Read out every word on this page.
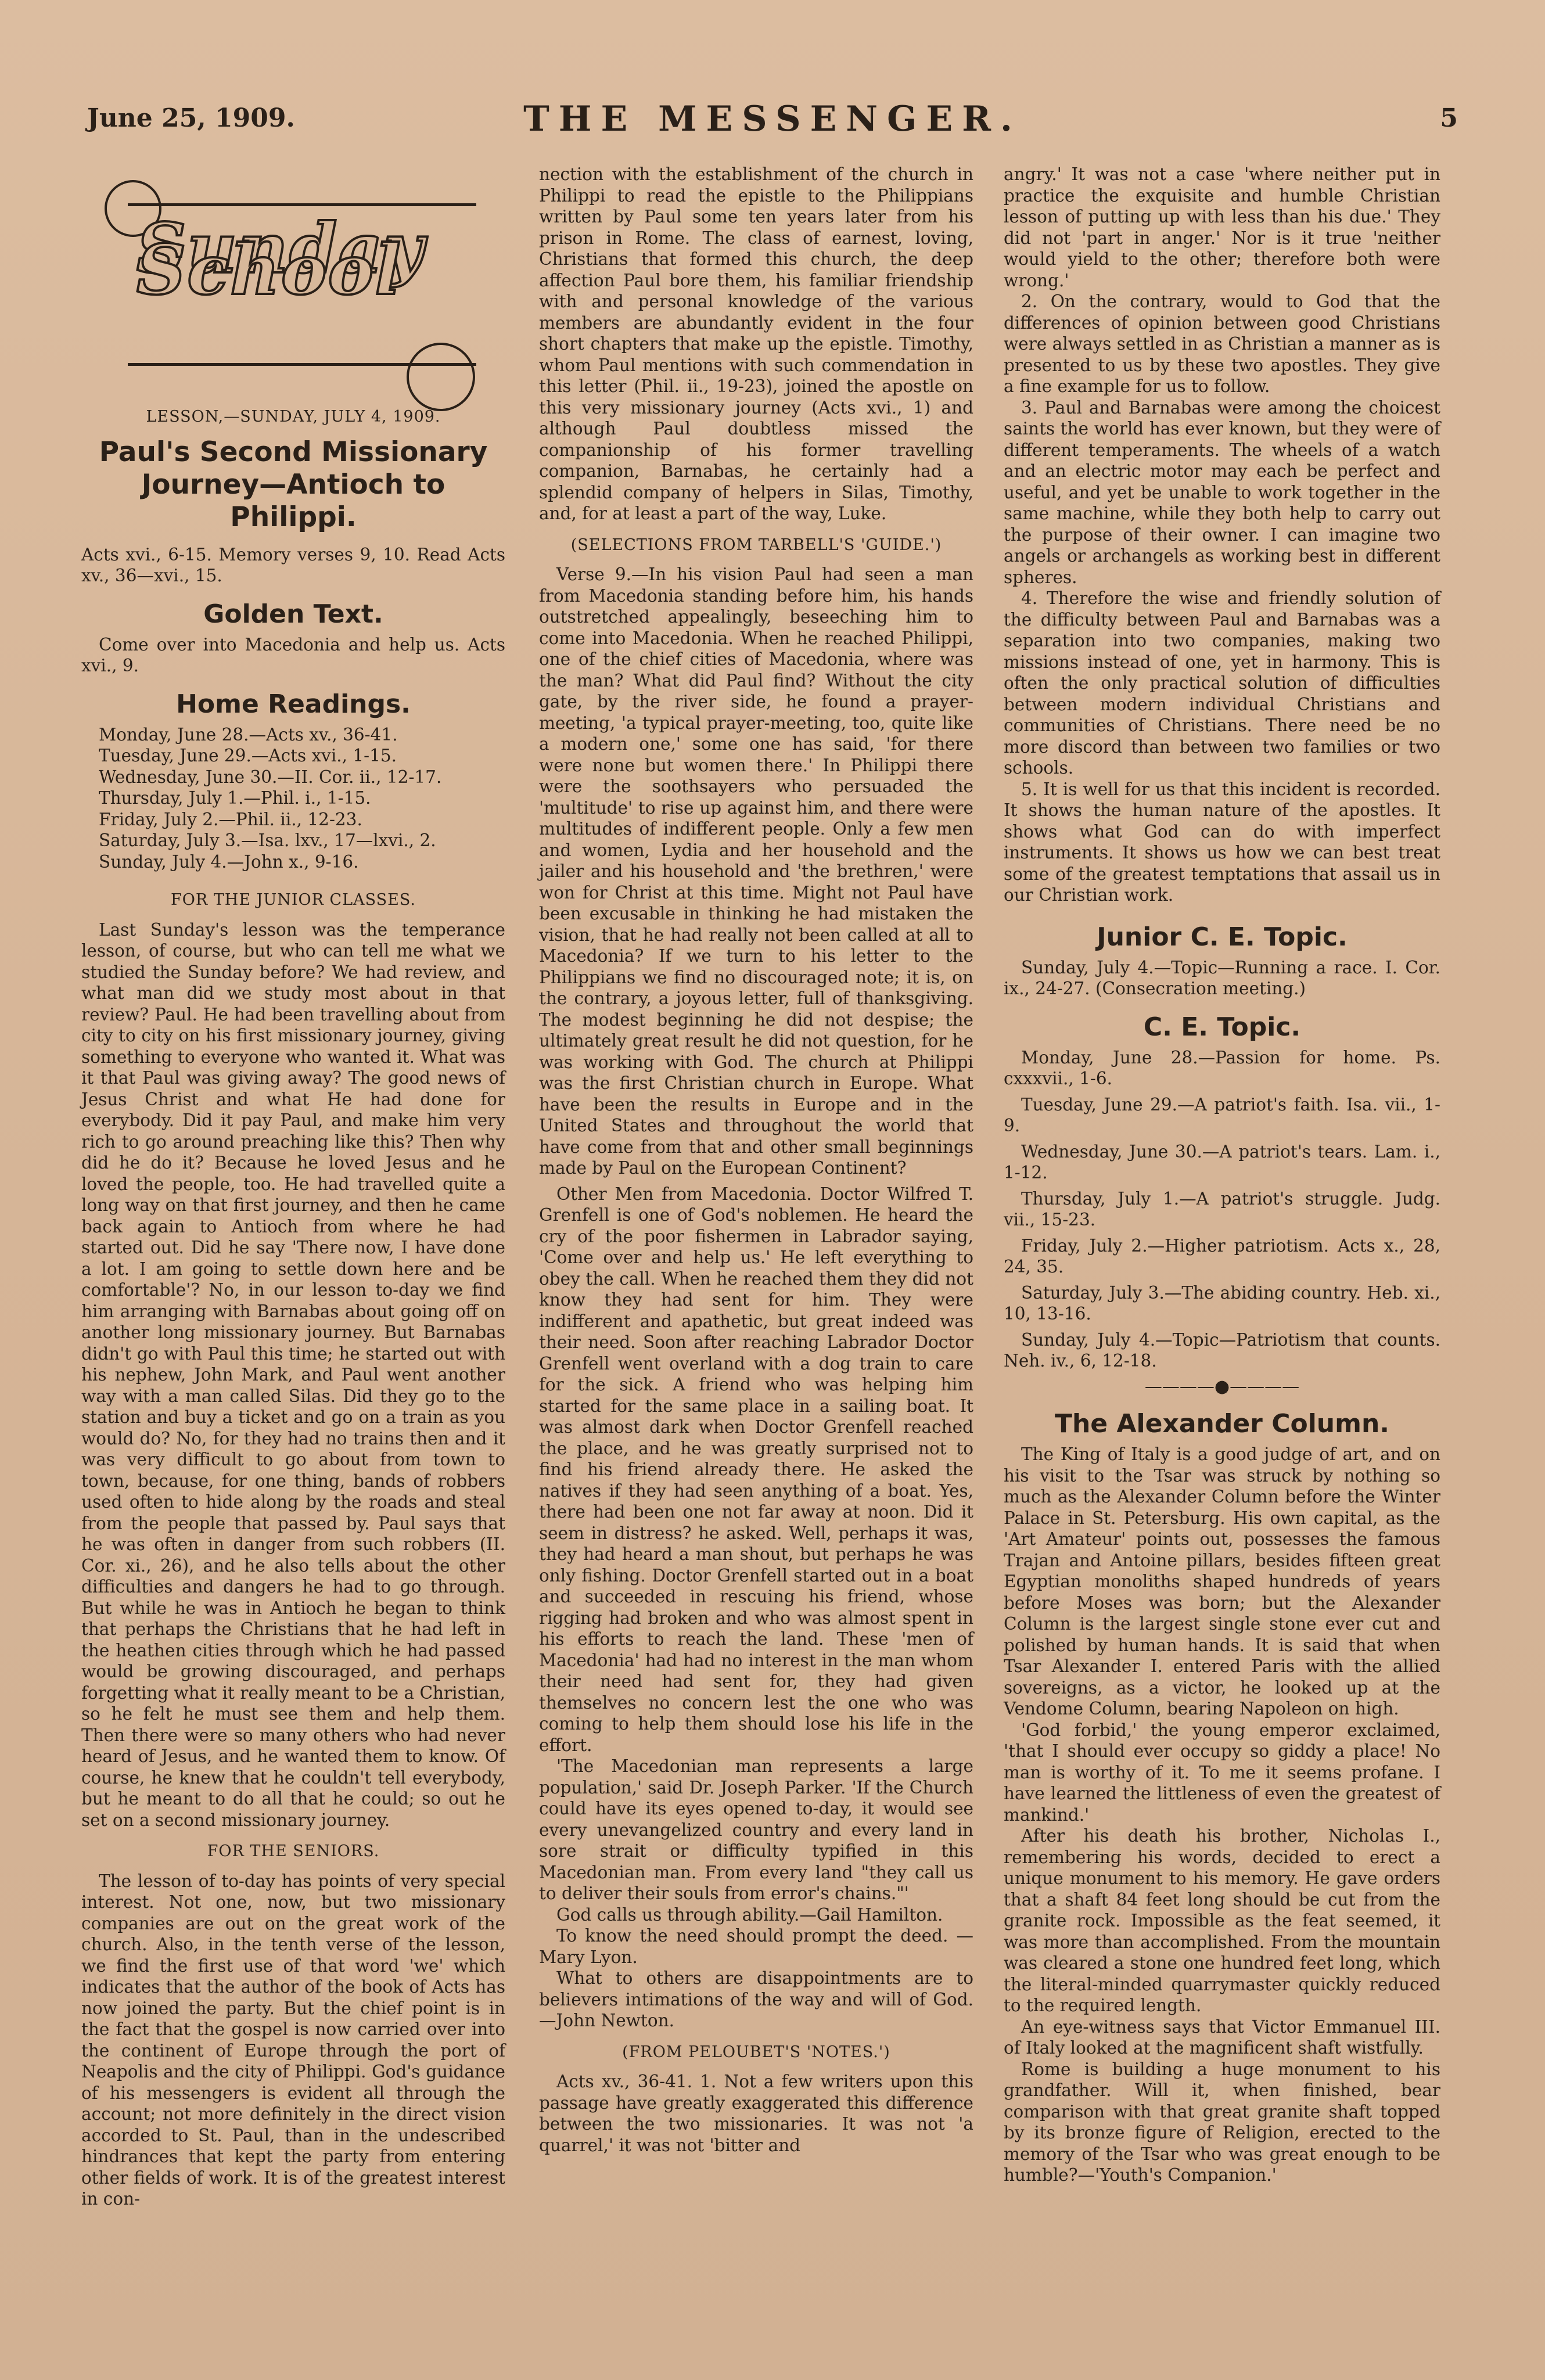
June 25, 1909.	THE MESSENGER.	5
Sunday School

LESSON,—SUNDAY, JULY 4, 1909.

Paul's Second Missionary Journey—Antioch to Philippi.

Acts xvi., 6-15. Memory verses 9, 10. Read Acts xv., 36—xvi., 15.

Golden Text.

Come over into Macedonia and help us. Acts xvi., 9.

Home Readings.
Monday, June 28.—Acts xv., 36-41.
Tuesday, June 29.—Acts xvi., 1-15.
Wednesday, June 30.—II. Cor. ii., 12-17.
Thursday, July 1.—Phil. i., 1-15.
Friday, July 2.—Phil. ii., 12-23.
Saturday, July 3.—Isa. lxv., 17—lxvi., 2.
Sunday, July 4.—John x., 9-16.

FOR THE JUNIOR CLASSES.

Last Sunday's lesson was the temperance lesson, of course, but who can tell me what we studied the Sunday before? We had review, and what man did we study most about in that review? Paul. He had been travelling about from city to city on his first missionary journey, giving something to everyone who wanted it. What was it that Paul was giving away? The good news of Jesus Christ and what He had done for everybody. Did it pay Paul, and make him very rich to go around preaching like this? Then why did he do it? Because he loved Jesus and he loved the people, too. He had travelled quite a long way on that first journey, and then he came back again to Antioch from where he had started out. Did he say 'There now, I have done a lot. I am going to settle down here and be comfortable'? No, in our lesson to-day we find him arranging with Barnabas about going off on another long missionary journey. But Barnabas didn't go with Paul this time; he started out with his nephew, John Mark, and Paul went another way with a man called Silas. Did they go to the station and buy a ticket and go on a train as you would do? No, for they had no trains then and it was very difficult to go about from town to town, because, for one thing, bands of robbers used often to hide along by the roads and steal from the people that passed by. Paul says that he was often in danger from such robbers (II. Cor. xi., 26), and he also tells about the other difficulties and dangers he had to go through. But while he was in Antioch he began to think that perhaps the Christians that he had left in the heathen cities through which he had passed would be growing discouraged, and perhaps forgetting what it really meant to be a Christian, so he felt he must see them and help them. Then there were so many others who had never heard of Jesus, and he wanted them to know. Of course, he knew that he couldn't tell everybody, but he meant to do all that he could; so out he set on a second missionary journey.

FOR THE SENIORS.

The lesson of to-day has points of very special interest. Not one, now, but two missionary companies are out on the great work of the church. Also, in the tenth verse of the lesson, we find the first use of that word 'we' which indicates that the author of the book of Acts has now joined the party. But the chief point is in the fact that the gospel is now carried over into the continent of Europe through the port of Neapolis and the city of Philippi. God's guidance of his messengers is evident all through the account; not more definitely in the direct vision accorded to St. Paul, than in the undescribed hindrances that kept the party from entering other fields of work. It is of the greatest interest in con-

nection with the establishment of the church in Philippi to read the epistle to the Philippians written by Paul some ten years later from his prison in Rome. The class of earnest, loving, Christians that formed this church, the deep affection Paul bore them, his familiar friendship with and personal knowledge of the various members are abundantly evident in the four short chapters that make up the epistle. Timothy, whom Paul mentions with such commendation in this letter (Phil. ii., 19-23), joined the apostle on this very missionary journey (Acts xvi., 1) and although Paul doubtless missed the companionship of his former travelling companion, Barnabas, he certainly had a splendid company of helpers in Silas, Timothy, and, for at least a part of the way, Luke.

(SELECTIONS FROM TARBELL'S 'GUIDE.')

Verse 9.—In his vision Paul had seen a man from Macedonia standing before him, his hands outstretched appealingly, beseeching him to come into Macedonia. When he reached Philippi, one of the chief cities of Macedonia, where was the man? What did Paul find? Without the city gate, by the river side, he found a prayer-meeting, 'a typical prayer-meeting, too, quite like a modern one,' some one has said, 'for there were none but women there.' In Philippi there were the soothsayers who persuaded the 'multitude' to rise up against him, and there were multitudes of indifferent people. Only a few men and women, Lydia and her household and the jailer and his household and 'the brethren,' were won for Christ at this time. Might not Paul have been excusable in thinking he had mistaken the vision, that he had really not been called at all to Macedonia? If we turn to his letter to the Philippians we find no discouraged note; it is, on the contrary, a joyous letter, full of thanksgiving. The modest beginning he did not despise; the ultimately great result he did not question, for he was working with God. The church at Philippi was the first Christian church in Europe. What have been the results in Europe and in the United States and throughout the world that have come from that and other small beginnings made by Paul on the European Continent?

Other Men from Macedonia. Doctor Wilfred T. Grenfell is one of God's noblemen. He heard the cry of the poor fishermen in Labrador saying, 'Come over and help us.' He left everything to obey the call. When he reached them they did not know they had sent for him. They were indifferent and apathetic, but great indeed was their need. Soon after reaching Labrador Doctor Grenfell went overland with a dog train to care for the sick. A friend who was helping him started for the same place in a sailing boat. It was almost dark when Doctor Grenfell reached the place, and he was greatly surprised not to find his friend already there. He asked the natives if they had seen anything of a boat. Yes, there had been one not far away at noon. Did it seem in distress? he asked. Well, perhaps it was, they had heard a man shout, but perhaps he was only fishing. Doctor Grenfell started out in a boat and succeeded in rescuing his friend, whose rigging had broken and who was almost spent in his efforts to reach the land. These 'men of Macedonia' had had no interest in the man whom their need had sent for, they had given themselves no concern lest the one who was coming to help them should lose his life in the effort.

'The Macedonian man represents a large population,' said Dr. Joseph Parker. 'If the Church could have its eyes opened to-day, it would see every unevangelized country and every land in sore strait or difficulty typified in this Macedonian man. From every land "they call us to deliver their souls from error's chains."'

God calls us through ability.—Gail Hamilton.

To know the need should prompt the deed. —Mary Lyon.

What to others are disappointments are to believers intimations of the way and will of God.—John Newton.

(FROM PELOUBET'S 'NOTES.')

Acts xv., 36-41. 1. Not a few writers upon this passage have greatly exaggerated this difference between the two missionaries. It was not 'a quarrel,' it was not 'bitter and

angry.' It was not a case 'where neither put in practice the exquisite and humble Christian lesson of putting up with less than his due.' They did not 'part in anger.' Nor is it true 'neither would yield to the other; therefore both were wrong.'

2. On the contrary, would to God that the differences of opinion between good Christians were always settled in as Christian a manner as is presented to us by these two apostles. They give a fine example for us to follow.

3. Paul and Barnabas were among the choicest saints the world has ever known, but they were of different temperaments. The wheels of a watch and an electric motor may each be perfect and useful, and yet be unable to work together in the same machine, while they both help to carry out the purpose of their owner. I can imagine two angels or archangels as working best in different spheres.

4. Therefore the wise and friendly solution of the difficulty between Paul and Barnabas was a separation into two companies, making two missions instead of one, yet in harmony. This is often the only practical solution of difficulties between modern individual Christians and communities of Christians. There need be no more discord than between two families or two schools.

5. It is well for us that this incident is recorded. It shows the human nature of the apostles. It shows what God can do with imperfect instruments. It shows us how we can best treat some of the greatest temptations that assail us in our Christian work.

Junior C. E. Topic.

Sunday, July 4.—Topic—Running a race. I. Cor. ix., 24-27. (Consecration meeting.)

C. E. Topic.

Monday, June 28.—Passion for home. Ps. cxxxvii., 1-6.

Tuesday, June 29.—A patriot's faith. Isa. vii., 1-9.

Wednesday, June 30.—A patriot's tears. Lam. i., 1-12.

Thursday, July 1.—A patriot's struggle. Judg. vii., 15-23.

Friday, July 2.—Higher patriotism. Acts x., 28, 24, 35.

Saturday, July 3.—The abiding country. Heb. xi., 10, 13-16.

Sunday, July 4.—Topic—Patriotism that counts. Neh. iv., 6, 12-18.

————●————
The Alexander Column.

The King of Italy is a good judge of art, and on his visit to the Tsar was struck by nothing so much as the Alexander Column before the Winter Palace in St. Petersburg. His own capital, as the 'Art Amateur' points out, possesses the famous Trajan and Antoine pillars, besides fifteen great Egyptian monoliths shaped hundreds of years before Moses was born; but the Alexander Column is the largest single stone ever cut and polished by human hands. It is said that when Tsar Alexander I. entered Paris with the allied sovereigns, as a victor, he looked up at the Vendome Column, bearing Napoleon on high.

'God forbid,' the young emperor exclaimed, 'that I should ever occupy so giddy a place! No man is worthy of it. To me it seems profane. I have learned the littleness of even the greatest of mankind.'

After his death his brother, Nicholas I., remembering his words, decided to erect a unique monument to his memory. He gave orders that a shaft 84 feet long should be cut from the granite rock. Impossible as the feat seemed, it was more than accomplished. From the mountain was cleared a stone one hundred feet long, which the literal-minded quarrymaster quickly reduced to the required length.

An eye-witness says that Victor Emmanuel III. of Italy looked at the magnificent shaft wistfully.

Rome is building a huge monument to his grandfather. Will it, when finished, bear comparison with that great granite shaft topped by its bronze figure of Religion, erected to the memory of the Tsar who was great enough to be humble?—'Youth's Companion.'
